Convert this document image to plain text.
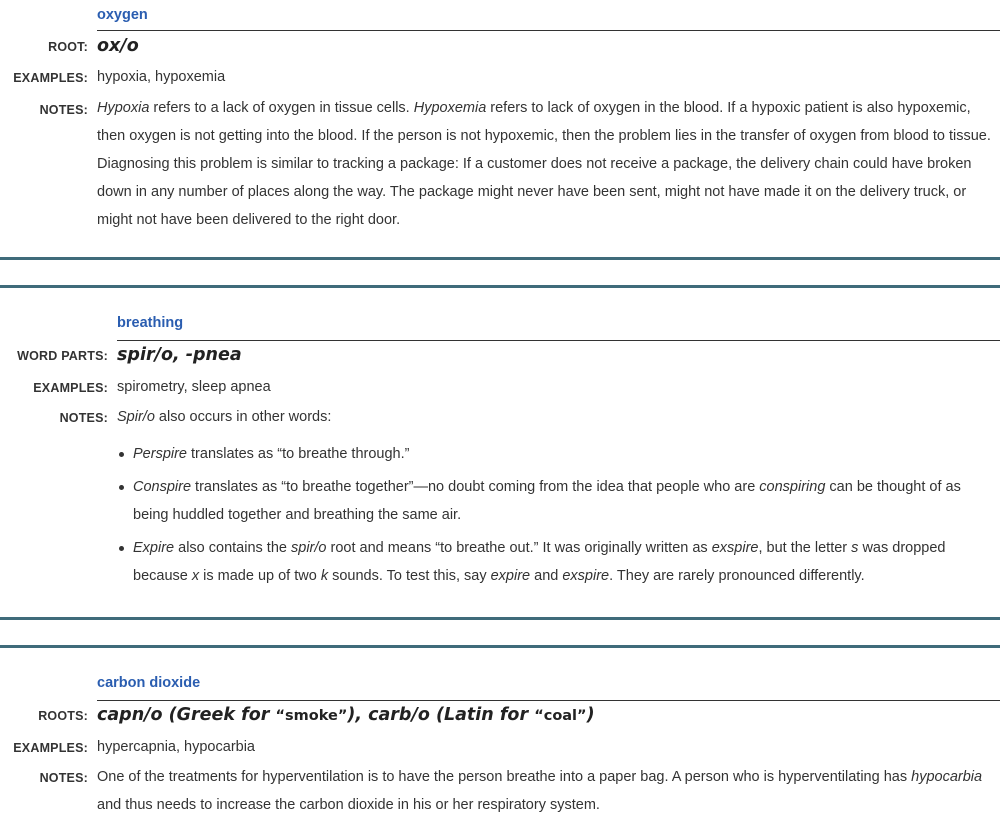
oxygen
ROOT: ox/o
EXAMPLES: hypoxia, hypoxemia
NOTES: Hypoxia refers to a lack of oxygen in tissue cells. Hypoxemia refers to lack of oxygen in the blood. If a hypoxic patient is also hypoxemic, then oxygen is not getting into the blood. If the person is not hypoxemic, then the problem lies in the transfer of oxygen from blood to tissue. Diagnosing this problem is similar to tracking a package: If a customer does not receive a package, the delivery chain could have broken down in any number of places along the way. The package might never have been sent, might not have made it on the delivery truck, or might not have been delivered to the right door.

breathing
WORD PARTS: spir/o, -pnea
EXAMPLES: spirometry, sleep apnea
NOTES: Spir/o also occurs in other words:

Perspire translates as “to breathe through.”
Conspire translates as “to breathe together”—no doubt coming from the idea that people who are conspiring can be thought of as being huddled together and breathing the same air.
Expire also contains the spir/o root and means “to breathe out.” It was originally written as exspire, but the letter s was dropped because x is made up of two k sounds. To test this, say expire and exspire. They are rarely pronounced differently.
carbon dioxide
ROOTS: capn/o (Greek for “smoke”), carb/o (Latin for “coal”)
EXAMPLES: hypercapnia, hypocarbia
NOTES: One of the treatments for hyperventilation is to have the person breathe into a paper bag. A person who is hyperventilating has hypocarbia and thus needs to increase the carbon dioxide in his or her respiratory system.
